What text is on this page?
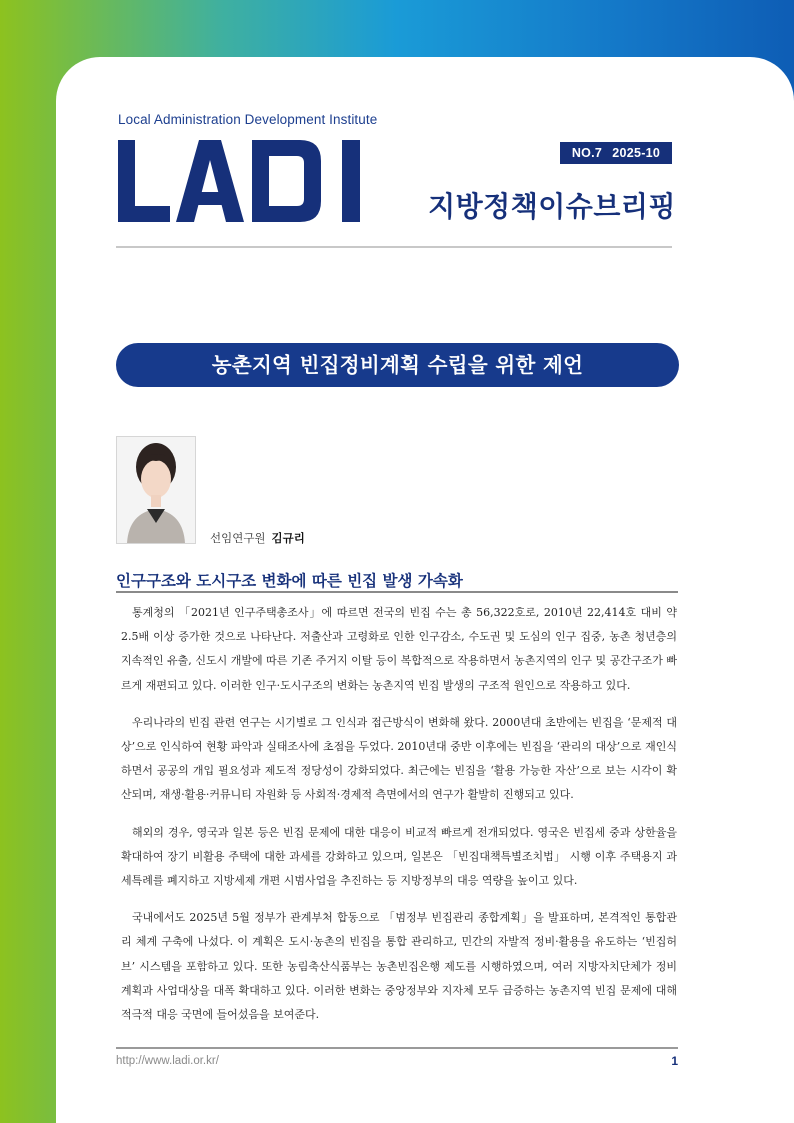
Local Administration Development Institute
NO.7 2025-10
지방정책이슈브리핑
농촌지역 빈집정비계획 수립을 위한 제언
선임연구원 김규리
인구구조와 도시구조 변화에 따른 빈집 발생 가속화

통계청의 「2021년 인구주택총조사」에 따르면 전국의 빈집 수는 총 56,322호로, 2010년 22,414호 대비 약 2.5배 이상 증가한 것으로 나타난다. 저출산과 고령화로 인한 인구감소, 수도권 및 도심의 인구 집중, 농촌 청년층의 지속적인 유출, 신도시 개발에 따른 기존 주거지 이탈 등이 복합적으로 작용하면서 농촌지역의 인구 및 공간구조가 빠르게 재편되고 있다. 이러한 인구·도시구조의 변화는 농촌지역 빈집 발생의 구조적 원인으로 작용하고 있다.

우리나라의 빈집 관련 연구는 시기별로 그 인식과 접근방식이 변화해 왔다. 2000년대 초반에는 빈집을 ‘문제적 대상’으로 인식하여 현황 파악과 실태조사에 초점을 두었다. 2010년대 중반 이후에는 빈집을 ‘관리의 대상’으로 재인식하면서 공공의 개입 필요성과 제도적 정당성이 강화되었다. 최근에는 빈집을 ‘활용 가능한 자산’으로 보는 시각이 확산되며, 재생·활용·커뮤니티 자원화 등 사회적·경제적 측면에서의 연구가 활발히 진행되고 있다.

해외의 경우, 영국과 일본 등은 빈집 문제에 대한 대응이 비교적 빠르게 전개되었다. 영국은 빈집세 중과 상한율을 확대하여 장기 비활용 주택에 대한 과세를 강화하고 있으며, 일본은 「빈집대책특별조치법」 시행 이후 주택용지 과세특례를 폐지하고 지방세제 개편 시범사업을 추진하는 등 지방정부의 대응 역량을 높이고 있다.

국내에서도 2025년 5월 정부가 관계부처 합동으로 「범정부 빈집관리 종합계획」을 발표하며, 본격적인 통합관리 체계 구축에 나섰다. 이 계획은 도시·농촌의 빈집을 통합 관리하고, 민간의 자발적 정비·활용을 유도하는 ‘빈집허브’ 시스템을 포함하고 있다. 또한 농림축산식품부는 농촌빈집은행 제도를 시행하였으며, 여러 지방자치단체가 정비계획과 사업대상을 대폭 확대하고 있다. 이러한 변화는 중앙정부와 지자체 모두 급증하는 농촌지역 빈집 문제에 대해 적극적 대응 국면에 들어섰음을 보여준다.

http://www.ladi.or.kr/	1
